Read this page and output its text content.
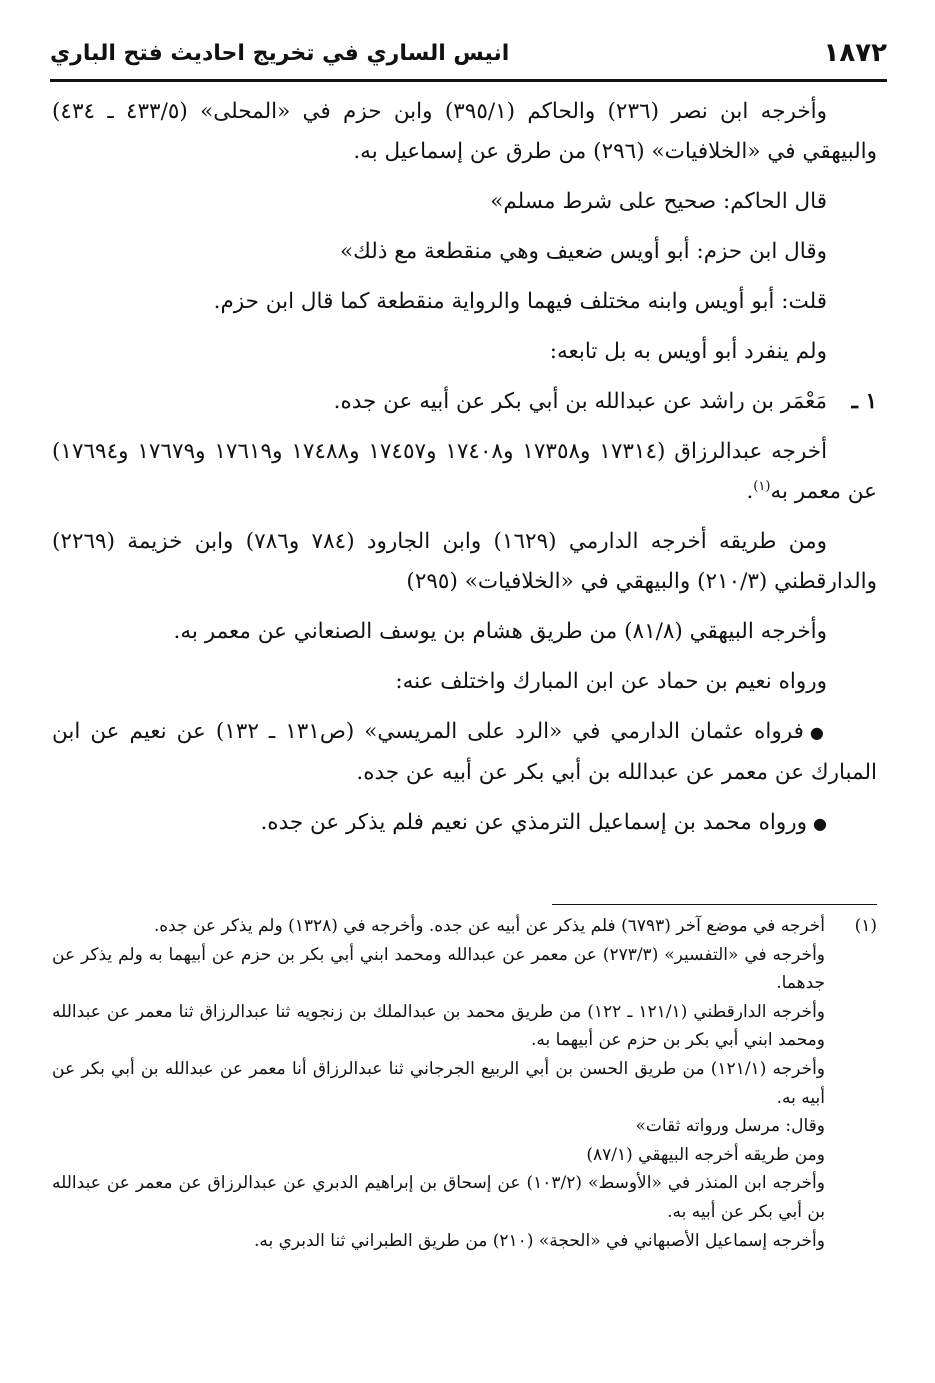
١٨٧٢
انيس الساري في تخريج احاديث فتح الباري

وأخرجه ابن نصر (٢٣٦) والحاكم (٣٩٥/١) وابن حزم في «المحلى» (٤٣٣/٥ ـ ٤٣٤) والبيهقي في «الخلافيات» (٢٩٦) من طرق عن إسماعيل به.

قال الحاكم: صحيح على شرط مسلم»

وقال ابن حزم: أبو أويس ضعيف وهي منقطعة مع ذلك»

قلت: أبو أويس وابنه مختلف فيهما والرواية منقطعة كما قال ابن حزم.

ولم ينفرد أبو أويس به بل تابعه:

١ ـمَعْمَر بن راشد عن عبدالله بن أبي بكر عن أبيه عن جده.

أخرجه عبدالرزاق (١٧٣١٤ و١٧٣٥٨ و١٧٤٠٨ و١٧٤٥٧ و١٧٤٨٨ و١٧٦١٩ و١٧٦٧٩ و١٧٦٩٤) عن معمر به$^{(١)}$.

ومن طريقه أخرجه الدارمي (١٦٢٩) وابن الجارود (٧٨٤ و٧٨٦) وابن خزيمة (٢٢٦٩) والدارقطني (٢١٠/٣) والبيهقي في «الخلافيات» (٢٩٥)

وأخرجه البيهقي (٨١/٨) من طريق هشام بن يوسف الصنعاني عن معمر به.

ورواه نعيم بن حماد عن ابن المبارك واختلف عنه:

●فرواه عثمان الدارمي في «الرد على المريسي» (ص١٣١ ـ ١٣٢) عن نعيم عن ابن المبارك عن معمر عن عبدالله بن أبي بكر عن أبيه عن جده.

●ورواه محمد بن إسماعيل الترمذي عن نعيم فلم يذكر عن جده.

(١)

أخرجه في موضع آخر (٦٧٩٣) فلم يذكر عن أبيه عن جده. وأخرجه في (١٣٢٨) ولم يذكر عن جده.

وأخرجه في «التفسير» (٢٧٣/٣) عن معمر عن عبدالله ومحمد ابني أبي بكر بن حزم عن أبيهما به ولم يذكر عن جدهما.

وأخرجه الدارقطني (١٢١/١ ـ ١٢٢) من طريق محمد بن عبدالملك بن زنجويه ثنا عبدالرزاق ثنا معمر عن عبدالله ومحمد ابني أبي بكر بن حزم عن أبيهما به.

وأخرجه (١٢١/١) من طريق الحسن بن أبي الربيع الجرجاني ثنا عبدالرزاق أنا معمر عن عبدالله بن أبي بكر عن أبيه به.

وقال: مرسل ورواته ثقات»

ومن طريقه أخرجه البيهقي (٨٧/١)

وأخرجه ابن المنذر في «الأوسط» (١٠٣/٢) عن إسحاق بن إبراهيم الدبري عن عبدالرزاق عن معمر عن عبدالله بن أبي بكر عن أبيه به.

وأخرجه إسماعيل الأصبهاني في «الحجة» (٢١٠) من طريق الطبراني ثنا الدبري به.
